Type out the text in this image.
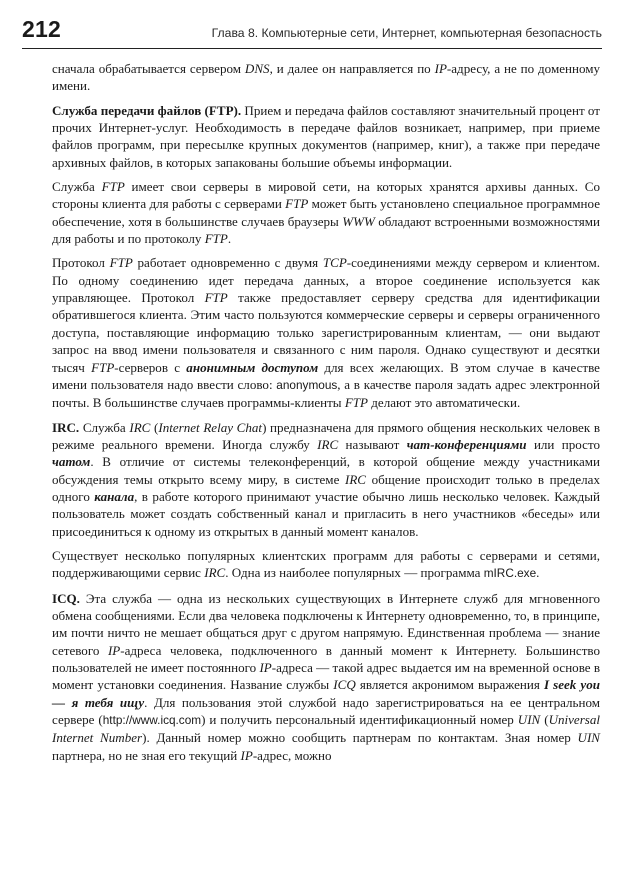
212	Глава 8. Компьютерные сети, Интернет, компьютерная безопасность

сначала обрабатывается сервером DNS, и далее он направляется по IP-адресу, а не по доменному имени.

Служба передачи файлов (FTP). Прием и передача файлов составляют значительный процент от прочих Интернет-услуг. Необходимость в передаче файлов возникает, например, при приеме файлов программ, при пересылке крупных документов (например, книг), а также при передаче архивных файлов, в которых запакованы большие объемы информации.

Служба FTP имеет свои серверы в мировой сети, на которых хранятся архивы данных. Со стороны клиента для работы с серверами FTP может быть установлено специальное программное обеспечение, хотя в большинстве случаев браузеры WWW обладают встроенными возможностями для работы и по протоколу FTP.

Протокол FTP работает одновременно с двумя TCP-соединениями между сервером и клиентом. По одному соединению идет передача данных, а второе соединение используется как управляющее. Протокол FTP также предоставляет серверу средства для идентификации обратившегося клиента. Этим часто пользуются коммерческие серверы и серверы ограниченного доступа, поставляющие информацию только зарегистрированным клиентам, — они выдают запрос на ввод имени пользователя и связанного с ним пароля. Однако существуют и десятки тысяч FTP-серверов с анонимным доступом для всех желающих. В этом случае в качестве имени пользователя надо ввести слово: anonymous, а в качестве пароля задать адрес электронной почты. В большинстве случаев программы-клиенты FTP делают это автоматически.

IRC. Служба IRC (Internet Relay Chat) предназначена для прямого общения нескольких человек в режиме реального времени. Иногда службу IRC называют чат-конференциями или просто чатом. В отличие от системы телеконференций, в которой общение между участниками обсуждения темы открыто всему миру, в системе IRC общение происходит только в пределах одного канала, в работе которого принимают участие обычно лишь несколько человек. Каждый пользователь может создать собственный канал и пригласить в него участников «беседы» или присоединиться к одному из открытых в данный момент каналов.

Существует несколько популярных клиентских программ для работы с серверами и сетями, поддерживающими сервис IRC. Одна из наиболее популярных — программа mIRC.exe.

ICQ. Эта служба — одна из нескольких существующих в Интернете служб для мгновенного обмена сообщениями. Если два человека подключены к Интернету одновременно, то, в принципе, им почти ничто не мешает общаться друг с другом напрямую. Единственная проблема — знание сетевого IP-адреса человека, подключенного в данный момент к Интернету. Большинство пользователей не имеет постоянного IP-адреса — такой адрес выдается им на временной основе в момент установки соединения. Название службы ICQ является акронимом выражения I seek you — я тебя ищу. Для пользования этой службой надо зарегистрироваться на ее центральном сервере (http://www.icq.com) и получить персональный идентификационный номер UIN (Universal Internet Number). Данный номер можно сообщить партнерам по контактам. Зная номер UIN партнера, но не зная его текущий IP-адрес, можно
